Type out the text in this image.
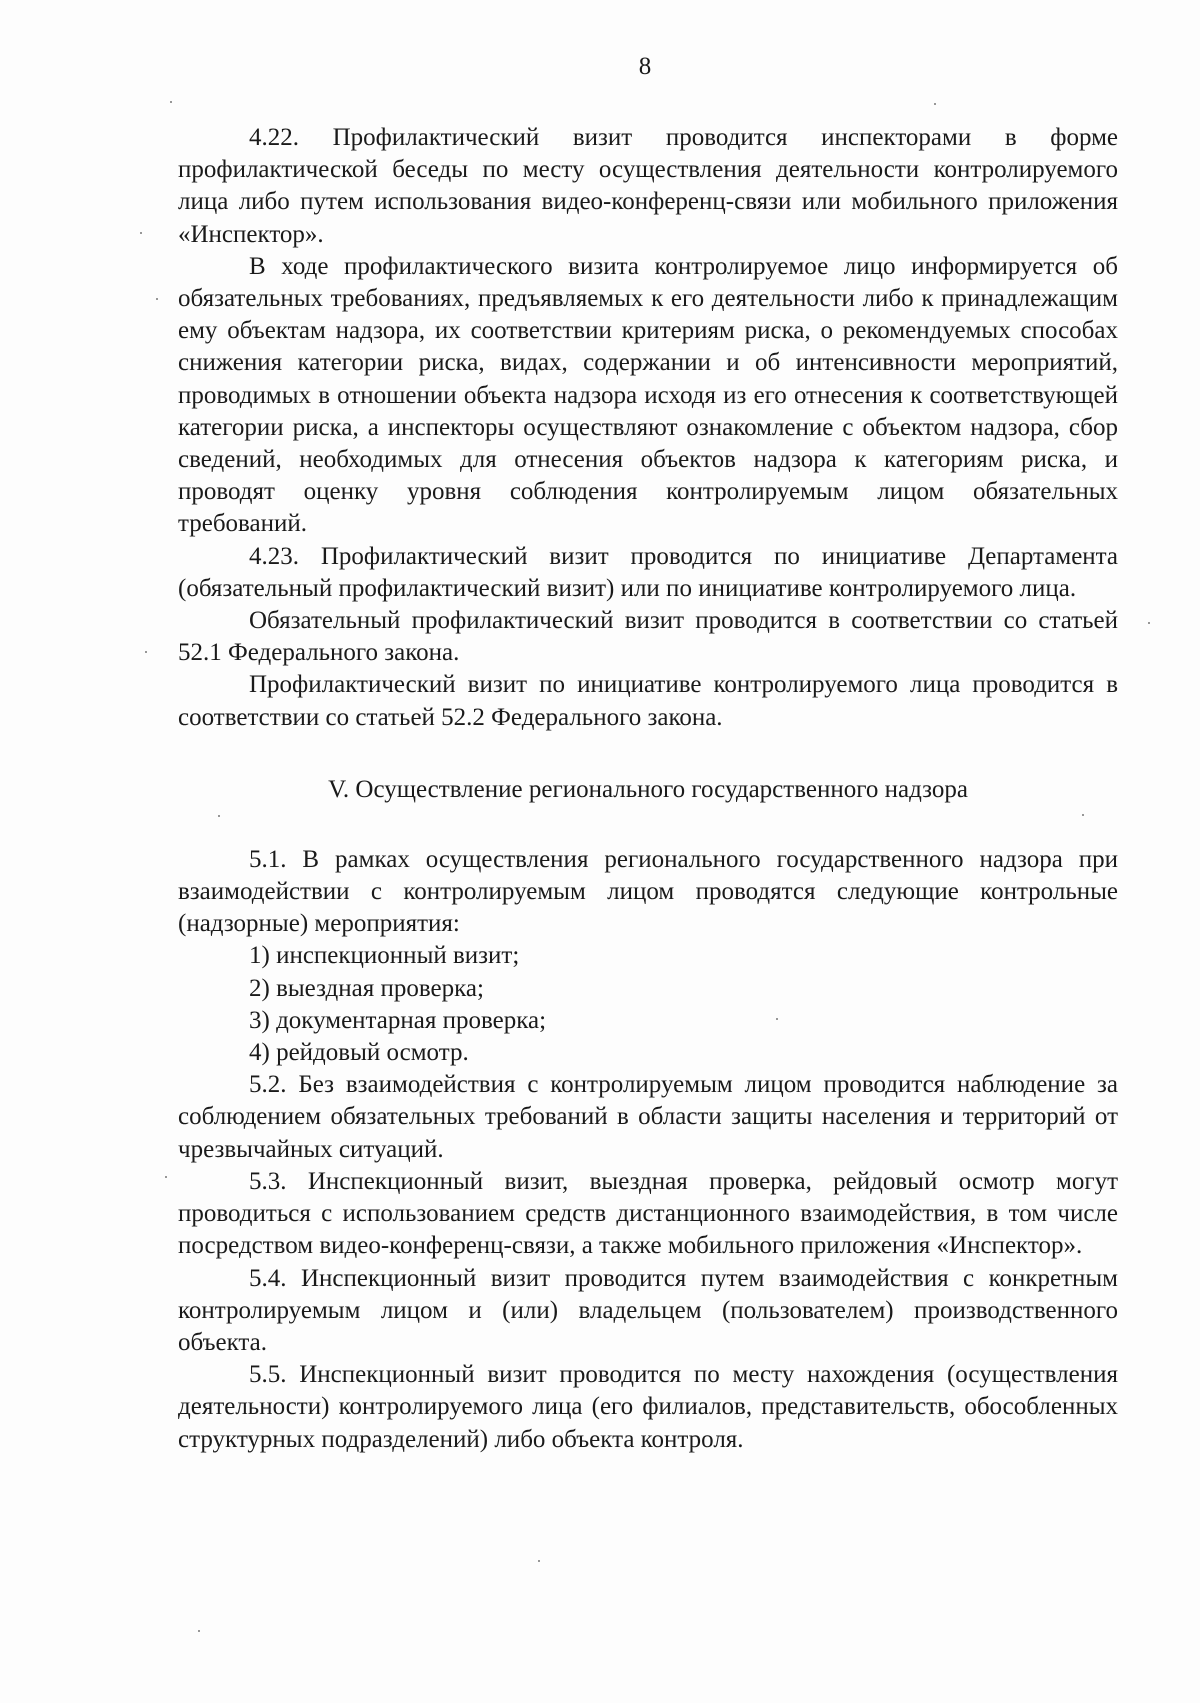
8

4.22. Профилактический визит проводится инспекторами в форме профилактической беседы по месту осуществления деятельности контролируемого лица либо путем использования видео-конференц-связи или мобильного приложения «Инспектор».

В ходе профилактического визита контролируемое лицо информируется об обязательных требованиях, предъявляемых к его деятельности либо к принадлежащим ему объектам надзора, их соответствии критериям риска, о рекомендуемых способах снижения категории риска, видах, содержании и об интенсивности мероприятий, проводимых в отношении объекта надзора исходя из его отнесения к соответствующей категории риска, а инспекторы осуществляют ознакомление с объектом надзора, сбор сведений, необходимых для отнесения объектов надзора к категориям риска, и проводят оценку уровня соблюдения контролируемым лицом обязательных требований.

4.23. Профилактический визит проводится по инициативе Департамента (обязательный профилактический визит) или по инициативе контролируемого лица.

Обязательный профилактический визит проводится в соответствии со статьей 52.1 Федерального закона.

Профилактический визит по инициативе контролируемого лица проводится в соответствии со статьей 52.2 Федерального закона.

V. Осуществление регионального государственного надзора

5.1. В рамках осуществления регионального государственного надзора при взаимодействии с контролируемым лицом проводятся следующие контрольные (надзорные) мероприятия:

1) инспекционный визит;

2) выездная проверка;

3) документарная проверка;

4) рейдовый осмотр.

5.2. Без взаимодействия с контролируемым лицом проводится наблюдение за соблюдением обязательных требований в области защиты населения и территорий от чрезвычайных ситуаций.

5.3. Инспекционный визит, выездная проверка, рейдовый осмотр могут проводиться с использованием средств дистанционного взаимодействия, в том числе посредством видео-конференц-связи, а также мобильного приложения «Инспектор».

5.4. Инспекционный визит проводится путем взаимодействия с конкретным контролируемым лицом и (или) владельцем (пользователем) производственного объекта.

5.5. Инспекционный визит проводится по месту нахождения (осуществления деятельности) контролируемого лица (его филиалов, представительств, обособленных структурных подразделений) либо объекта контроля.
